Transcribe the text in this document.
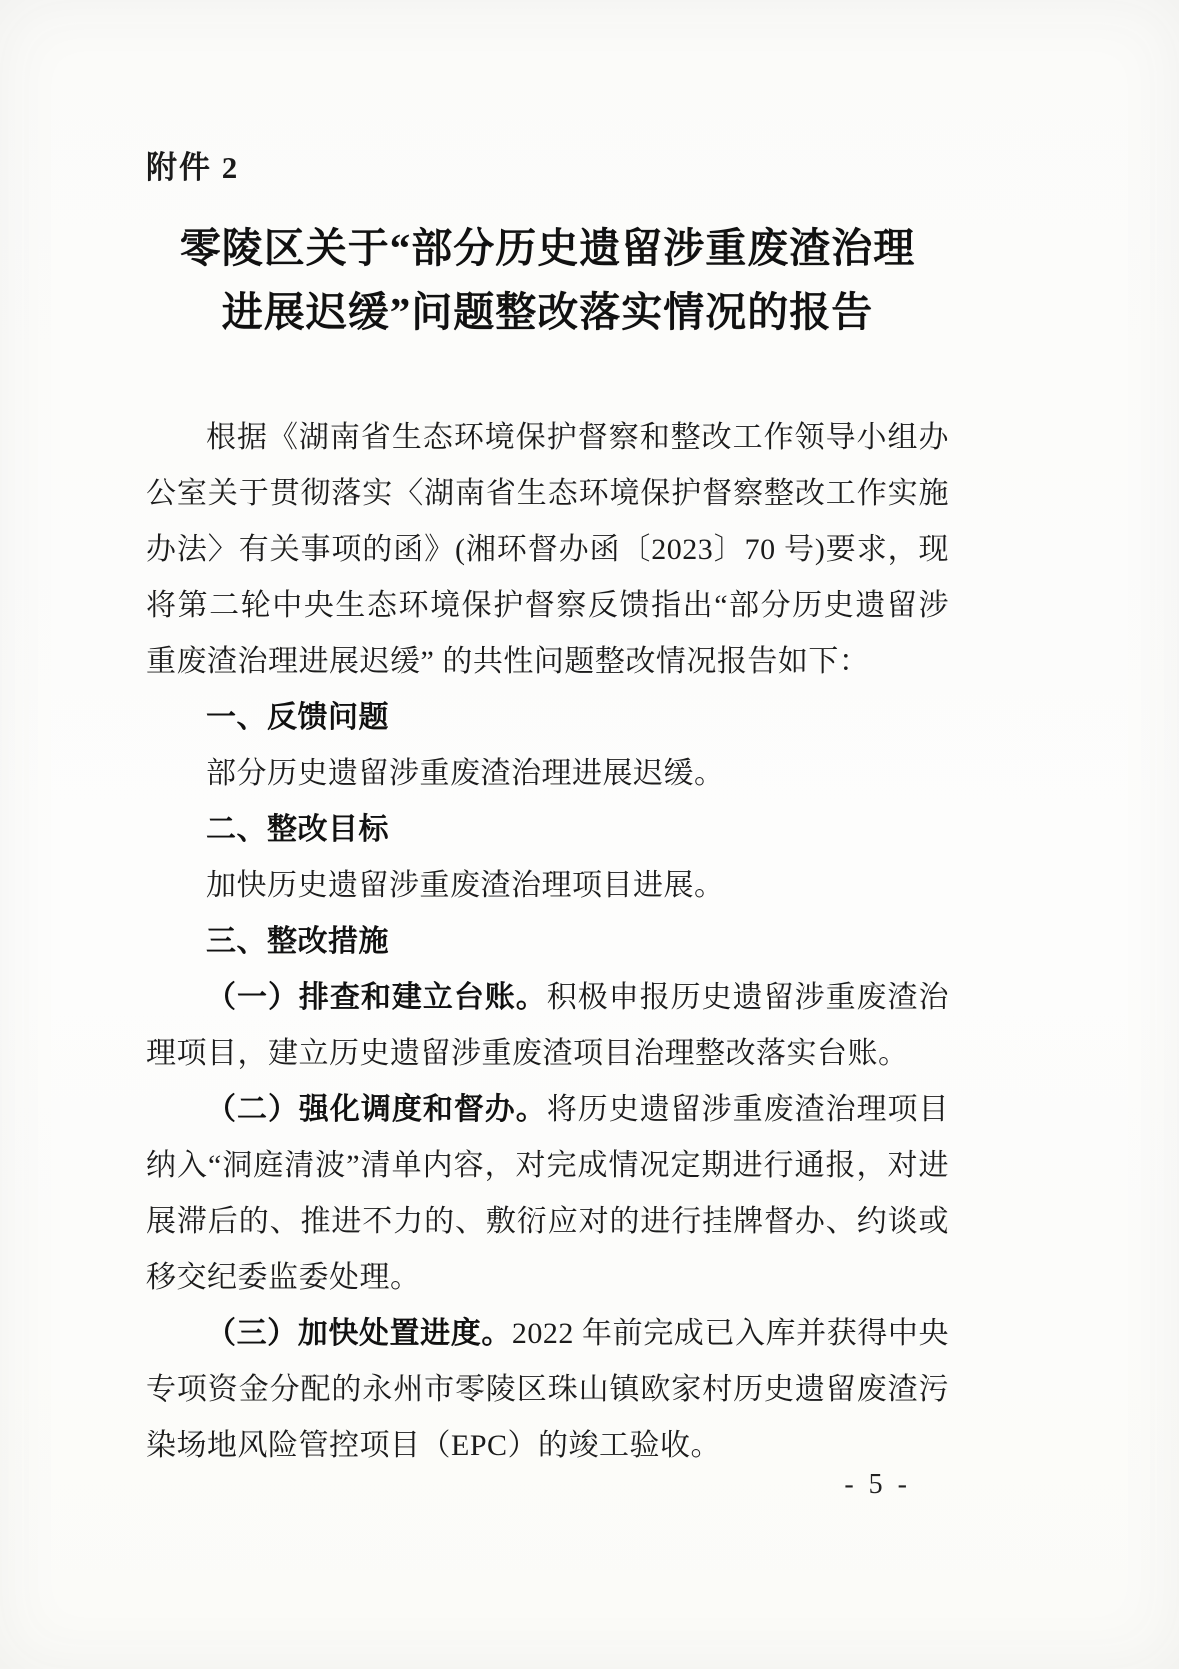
附件 2

零陵区关于“部分历史遗留涉重废渣治理
进展迟缓”问题整改落实情况的报告

根据《湖南省生态环境保护督察和整改工作领导小组办公室关于贯彻落实〈湖南省生态环境保护督察整改工作实施办法〉有关事项的函》(湘环督办函〔2023〕70 号)要求，现将第二轮中央生态环境保护督察反馈指出“部分历史遗留涉重废渣治理进展迟缓” 的共性问题整改情况报告如下：

一、反馈问题

部分历史遗留涉重废渣治理进展迟缓。

二、整改目标

加快历史遗留涉重废渣治理项目进展。

三、整改措施

（一）排查和建立台账。积极申报历史遗留涉重废渣治理项目，建立历史遗留涉重废渣项目治理整改落实台账。

（二）强化调度和督办。将历史遗留涉重废渣治理项目纳入“洞庭清波”清单内容，对完成情况定期进行通报，对进展滞后的、推进不力的、敷衍应对的进行挂牌督办、约谈或移交纪委监委处理。

（三）加快处置进度。2022 年前完成已入库并获得中央专项资金分配的永州市零陵区珠山镇欧家村历史遗留废渣污染场地风险管控项目（EPC）的竣工验收。

- 5 -
